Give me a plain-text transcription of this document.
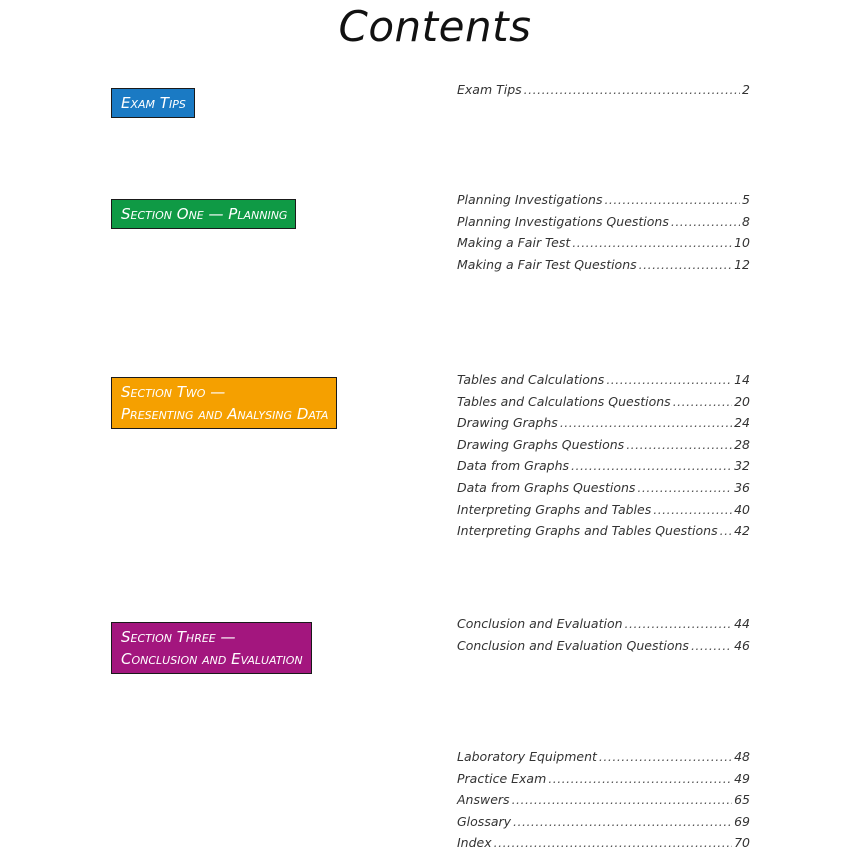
Contents
Exam Tips
Exam Tips .....	2
Section One — Planning
Planning Investigations .....	5
Planning Investigations Questions .....	8
Making a Fair Test .....	10
Making a Fair Test Questions .....	12
Section Two —
Presenting and Analysing Data
Tables and Calculations .....	14
Tables and Calculations Questions .....	20
Drawing Graphs .....	24
Drawing Graphs Questions .....	28
Data from Graphs .....	32
Data from Graphs Questions .....	36
Interpreting Graphs and Tables .....	40
Interpreting Graphs and Tables Questions ..... 42
Section Three —
Conclusion and Evaluation
Conclusion and Evaluation .....	44
Conclusion and Evaluation Questions .....	46
Laboratory Equipment .....	48
Practice Exam .....	49
Answers .....	65
Glossary .....	69
Index .....	70
